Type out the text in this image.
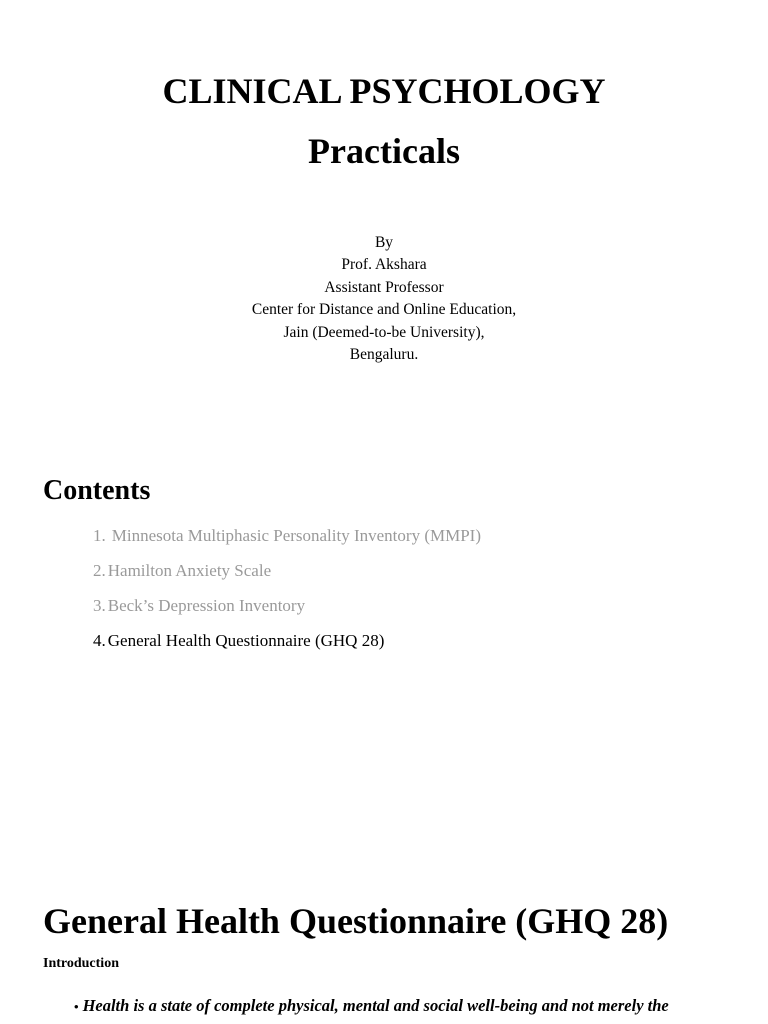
CLINICAL PSYCHOLOGY
Practicals
By
Prof. Akshara
Assistant Professor
Center for Distance and Online Education,
Jain (Deemed-to-be University),
Bengaluru.
Contents
1. Minnesota Multiphasic Personality Inventory (MMPI)
2. Hamilton Anxiety Scale
3. Beck’s Depression Inventory
4. General Health Questionnaire (GHQ 28)
General Health Questionnaire (GHQ 28)
Introduction
• Health is a state of complete physical, mental and social well-being and not merely the
